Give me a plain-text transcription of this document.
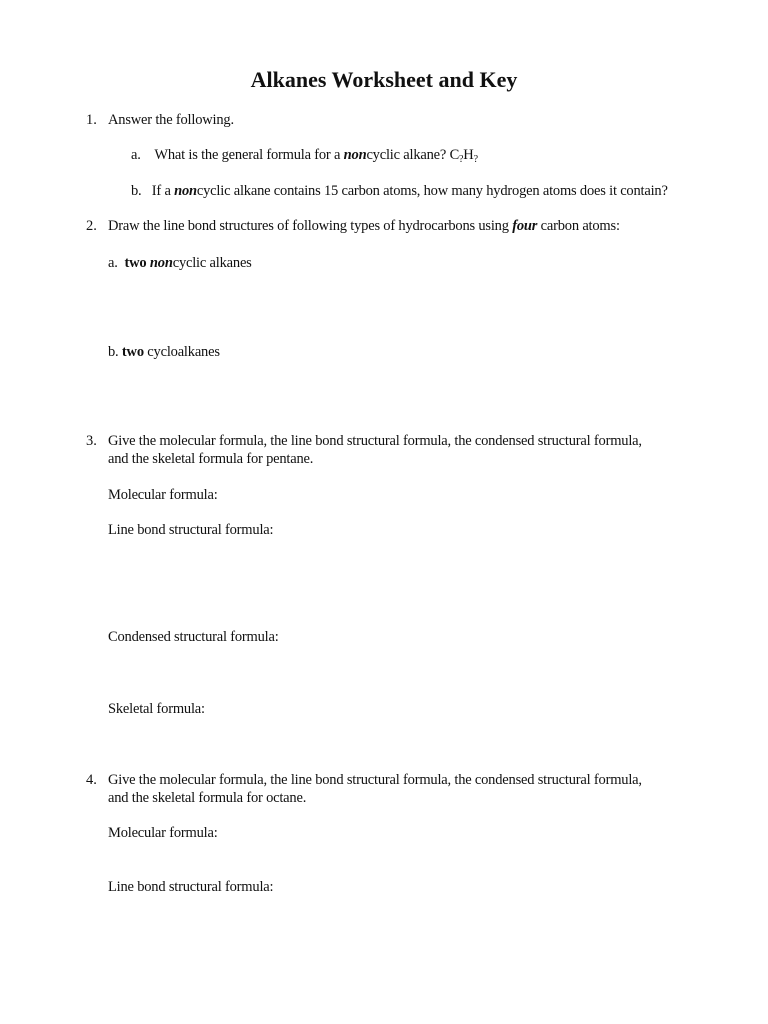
Alkanes Worksheet and Key
1. Answer the following.
a. What is the general formula for a noncyclic alkane? $C_?H_?$
b. If a noncyclic alkane contains 15 carbon atoms, how many hydrogen atoms does it contain?
2. Draw the line bond structures of following types of hydrocarbons using four carbon atoms:
a. two noncyclic alkanes
b. two cycloalkanes
3. Give the molecular formula, the line bond structural formula, the condensed structural formula,
and the skeletal formula for pentane.
Molecular formula:
Line bond structural formula:
Condensed structural formula:
Skeletal formula:
4. Give the molecular formula, the line bond structural formula, the condensed structural formula,
and the skeletal formula for octane.
Molecular formula:
Line bond structural formula:
